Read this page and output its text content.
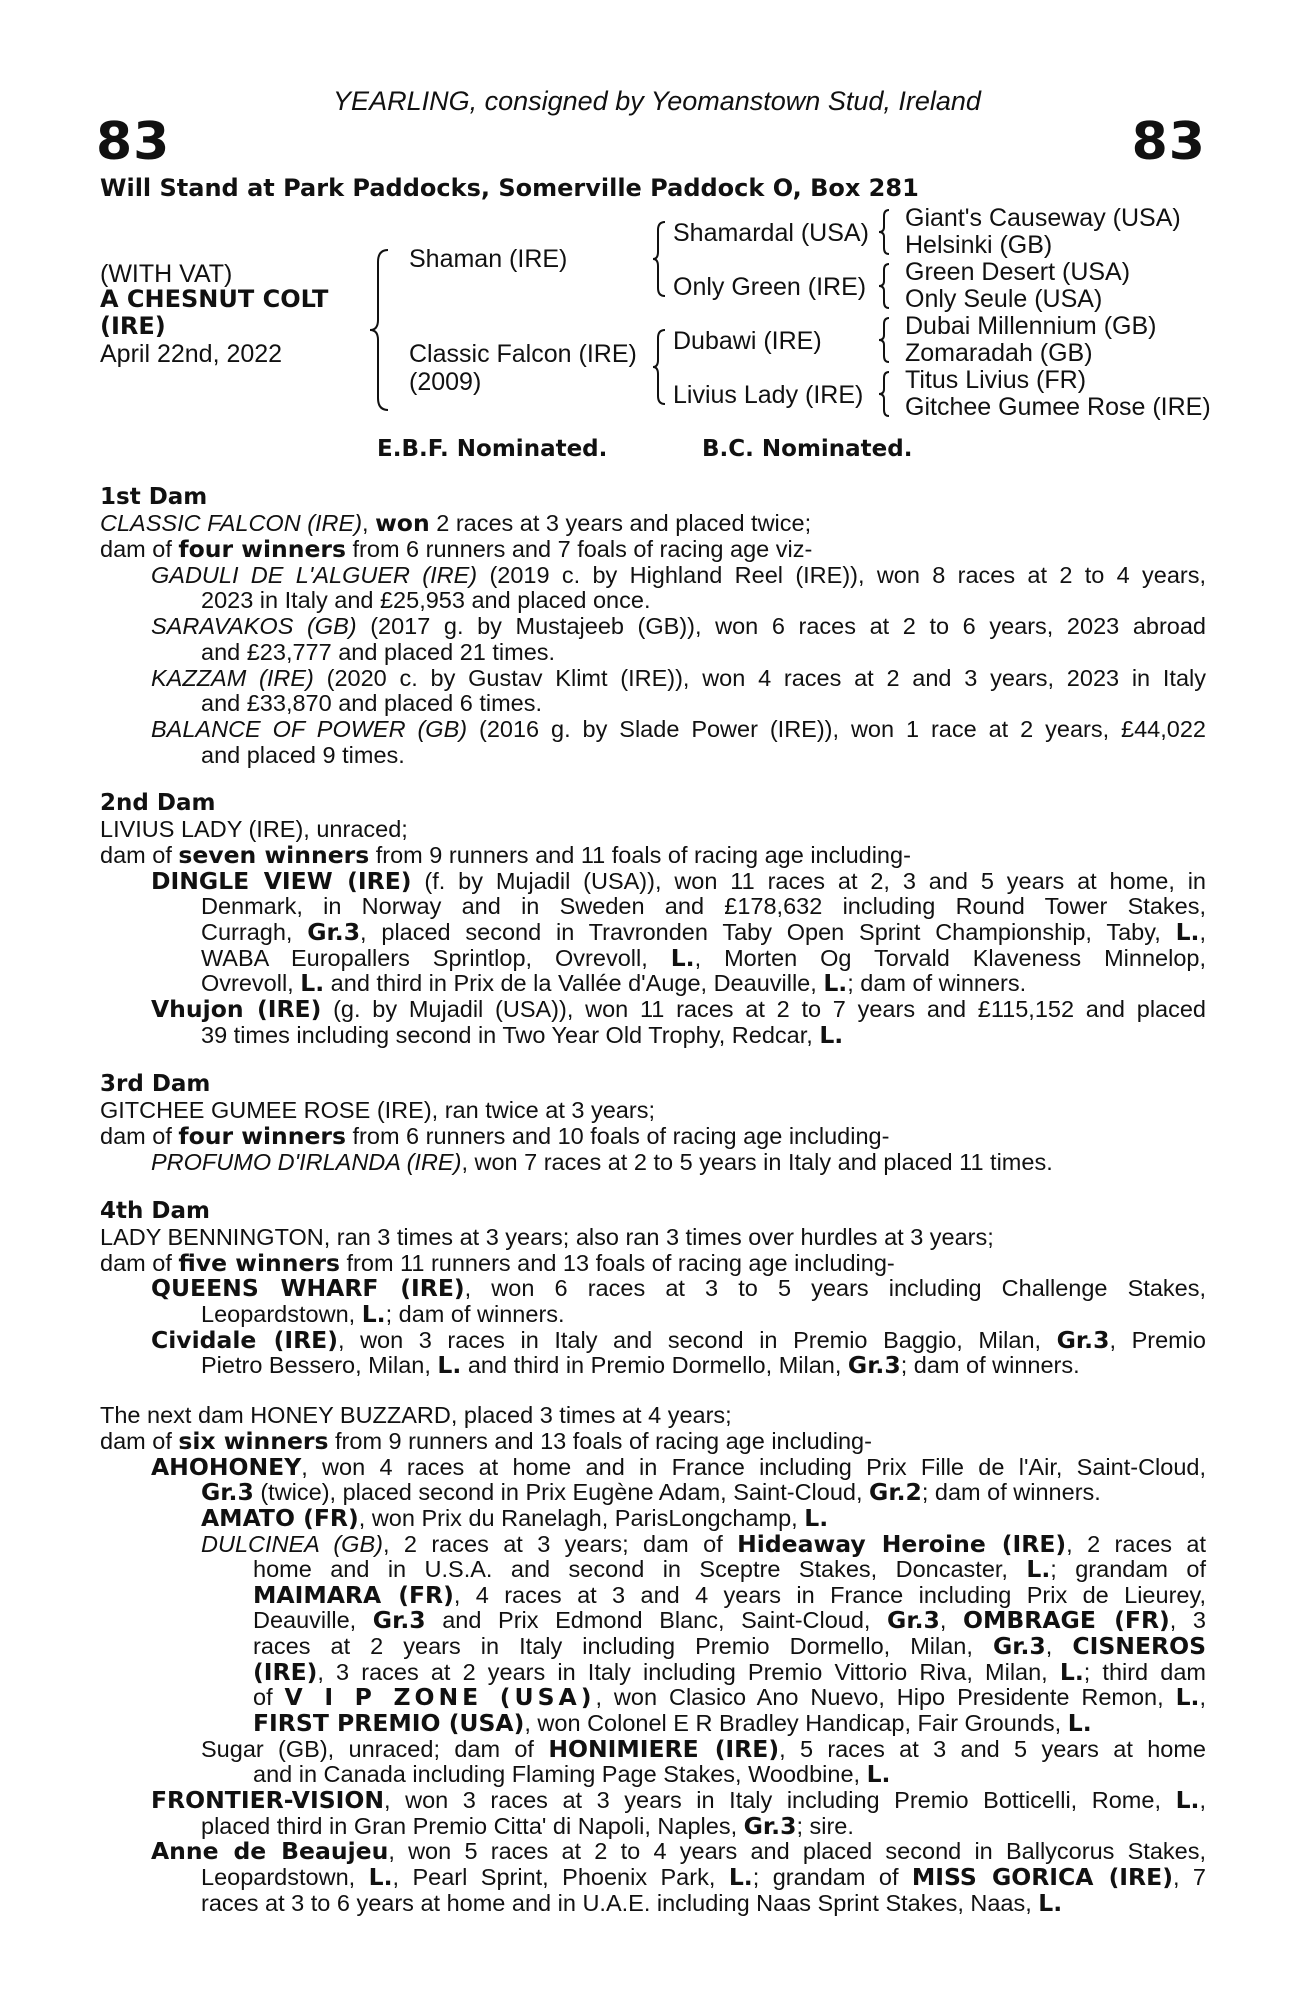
YEARLING, consigned by Yeomanstown Stud, Ireland
83	83
Will Stand at Park Paddocks, Somerville Paddock O, Box 281
(WITH VAT)
A CHESNUT COLT
(IRE)
April 22nd, 2022
Shaman (IRE)
Classic Falcon (IRE)
(2009)
Shamardal (USA)
Only Green (IRE)
Dubawi (IRE)
Livius Lady (IRE)
Giant's Causeway (USA)
Helsinki (GB)
Green Desert (USA)
Only Seule (USA)
Dubai Millennium (GB)
Zomaradah (GB)
Titus Livius (FR)
Gitchee Gumee Rose (IRE)
E.B.F. Nominated.	B.C. Nominated.
1st Dam
CLASSIC FALCON (IRE), won 2 races at 3 years and placed twice;
dam of four winners from 6 runners and 7 foals of racing age viz-
GADULI DE L'ALGUER (IRE) (2019 c. by Highland Reel (IRE)), won 8 races at 2 to 4 years,
2023 in Italy and £25,953 and placed once.
SARAVAKOS (GB) (2017 g. by Mustajeeb (GB)), won 6 races at 2 to 6 years, 2023 abroad
and £23,777 and placed 21 times.
KAZZAM (IRE) (2020 c. by Gustav Klimt (IRE)), won 4 races at 2 and 3 years, 2023 in Italy
and £33,870 and placed 6 times.
BALANCE OF POWER (GB) (2016 g. by Slade Power (IRE)), won 1 race at 2 years, £44,022
and placed 9 times.
2nd Dam
LIVIUS LADY (IRE), unraced;
dam of seven winners from 9 runners and 11 foals of racing age including-
DINGLE VIEW (IRE) (f. by Mujadil (USA)), won 11 races at 2, 3 and 5 years at home, in
Denmark, in Norway and in Sweden and £178,632 including Round Tower Stakes,
Curragh, Gr.3, placed second in Travronden Taby Open Sprint Championship, Taby, L.,
WABA Europallers Sprintlop, Ovrevoll, L., Morten Og Torvald Klaveness Minnelop,
Ovrevoll, L. and third in Prix de la Vallée d'Auge, Deauville, L.; dam of winners.
Vhujon (IRE) (g. by Mujadil (USA)), won 11 races at 2 to 7 years and £115,152 and placed
39 times including second in Two Year Old Trophy, Redcar, L.
3rd Dam
GITCHEE GUMEE ROSE (IRE), ran twice at 3 years;
dam of four winners from 6 runners and 10 foals of racing age including-
PROFUMO D'IRLANDA (IRE), won 7 races at 2 to 5 years in Italy and placed 11 times.
4th Dam
LADY BENNINGTON, ran 3 times at 3 years; also ran 3 times over hurdles at 3 years;
dam of five winners from 11 runners and 13 foals of racing age including-
QUEENS WHARF (IRE), won 6 races at 3 to 5 years including Challenge Stakes,
Leopardstown, L.; dam of winners.
Cividale (IRE), won 3 races in Italy and second in Premio Baggio, Milan, Gr.3, Premio
Pietro Bessero, Milan, L. and third in Premio Dormello, Milan, Gr.3; dam of winners.
The next dam HONEY BUZZARD, placed 3 times at 4 years;
dam of six winners from 9 runners and 13 foals of racing age including-
AHOHONEY, won 4 races at home and in France including Prix Fille de l'Air, Saint-Cloud,
Gr.3 (twice), placed second in Prix Eugène Adam, Saint-Cloud, Gr.2; dam of winners.
AMATO (FR), won Prix du Ranelagh, ParisLongchamp, L.
DULCINEA (GB), 2 races at 3 years; dam of Hideaway Heroine (IRE), 2 races at
home and in U.S.A. and second in Sceptre Stakes, Doncaster, L.; grandam of
MAIMARA (FR), 4 races at 3 and 4 years in France including Prix de Lieurey,
Deauville, Gr.3 and Prix Edmond Blanc, Saint-Cloud, Gr.3, OMBRAGE (FR), 3
races at 2 years in Italy including Premio Dormello, Milan, Gr.3, CISNEROS
(IRE), 3 races at 2 years in Italy including Premio Vittorio Riva, Milan, L.; third dam
of V I P ZONE (USA), won Clasico Ano Nuevo, Hipo Presidente Remon, L.,
FIRST PREMIO (USA), won Colonel E R Bradley Handicap, Fair Grounds, L.
Sugar (GB), unraced; dam of HONIMIERE (IRE), 5 races at 3 and 5 years at home
and in Canada including Flaming Page Stakes, Woodbine, L.
FRONTIER-VISION, won 3 races at 3 years in Italy including Premio Botticelli, Rome, L.,
placed third in Gran Premio Citta' di Napoli, Naples, Gr.3; sire.
Anne de Beaujeu, won 5 races at 2 to 4 years and placed second in Ballycorus Stakes,
Leopardstown, L., Pearl Sprint, Phoenix Park, L.; grandam of MISS GORICA (IRE), 7
races at 3 to 6 years at home and in U.A.E. including Naas Sprint Stakes, Naas, L.
